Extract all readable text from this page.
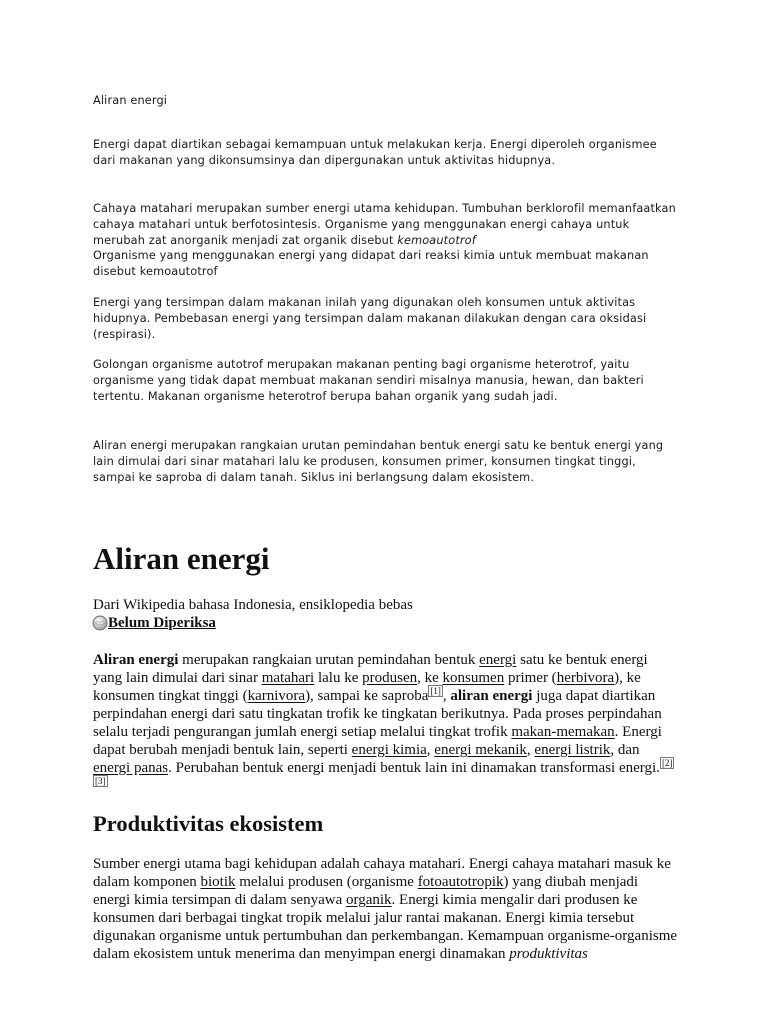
Aliran energi

Energi dapat diartikan sebagai kemampuan untuk melakukan kerja. Energi diperoleh organismee dari makanan yang dikonsumsinya dan dipergunakan untuk aktivitas hidupnya.

Cahaya matahari merupakan sumber energi utama kehidupan. Tumbuhan berklorofil memanfaatkan cahaya matahari untuk berfotosintesis. Organisme yang menggunakan energi cahaya untuk merubah zat anorganik menjadi zat organik disebut kemoautotrof
Organisme yang menggunakan energi yang didapat dari reaksi kimia untuk membuat makanan disebut kemoautotrof

Energi yang tersimpan dalam makanan inilah yang digunakan oleh konsumen untuk aktivitas hidupnya. Pembebasan energi yang tersimpan dalam makanan dilakukan dengan cara oksidasi (respirasi).

Golongan organisme autotrof merupakan makanan penting bagi organisme heterotrof, yaitu organisme yang tidak dapat membuat makanan sendiri misalnya manusia, hewan, dan bakteri tertentu. Makanan organisme heterotrof berupa bahan organik yang sudah jadi.

Aliran energi merupakan rangkaian urutan pemindahan bentuk energi satu ke bentuk energi yang lain dimulai dari sinar matahari lalu ke produsen, konsumen primer, konsumen tingkat tinggi, sampai ke saproba di dalam tanah. Siklus ini berlangsung dalam ekosistem.

Aliran energi
Dari Wikipedia bahasa Indonesia, ensiklopedia bebas
Belum Diperiksa

Aliran energi merupakan rangkaian urutan pemindahan bentuk energi satu ke bentuk energi yang lain dimulai dari sinar matahari lalu ke produsen, ke konsumen primer (herbivora), ke konsumen tingkat tinggi (karnivora), sampai ke saproba [1] , aliran energi juga dapat diartikan perpindahan energi dari satu tingkatan trofik ke tingkatan berikutnya. Pada proses perpindahan selalu terjadi pengurangan jumlah energi setiap melalui tingkat trofik makan-memakan. Energi dapat berubah menjadi bentuk lain, seperti energi kimia, energi mekanik, energi listrik, dan energi panas. Perubahan bentuk energi menjadi bentuk lain ini dinamakan transformasi energi. [2][3]

Produktivitas ekosistem

Sumber energi utama bagi kehidupan adalah cahaya matahari. Energi cahaya matahari masuk ke dalam komponen biotik melalui produsen (organisme fotoautotropik) yang diubah menjadi energi kimia tersimpan di dalam senyawa organik. Energi kimia mengalir dari produsen ke konsumen dari berbagai tingkat tropik melalui jalur rantai makanan. Energi kimia tersebut digunakan organisme untuk pertumbuhan dan perkembangan. Kemampuan organisme-organisme dalam ekosistem untuk menerima dan menyimpan energi dinamakan produktivitas
